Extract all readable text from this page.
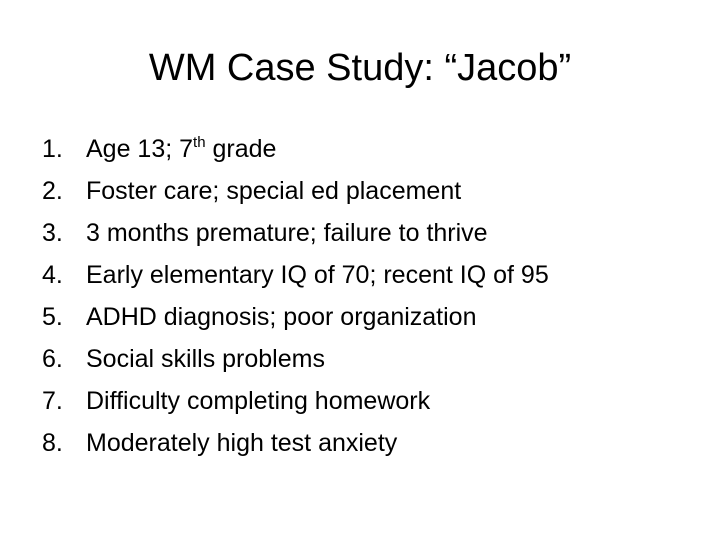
WM Case Study: “Jacob”
1. Age 13; 7th grade
2. Foster care; special ed placement
3. 3 months premature; failure to thrive
4. Early elementary IQ of 70; recent IQ of 95
5. ADHD diagnosis; poor organization
6. Social skills problems
7. Difficulty completing homework
8. Moderately high test anxiety
